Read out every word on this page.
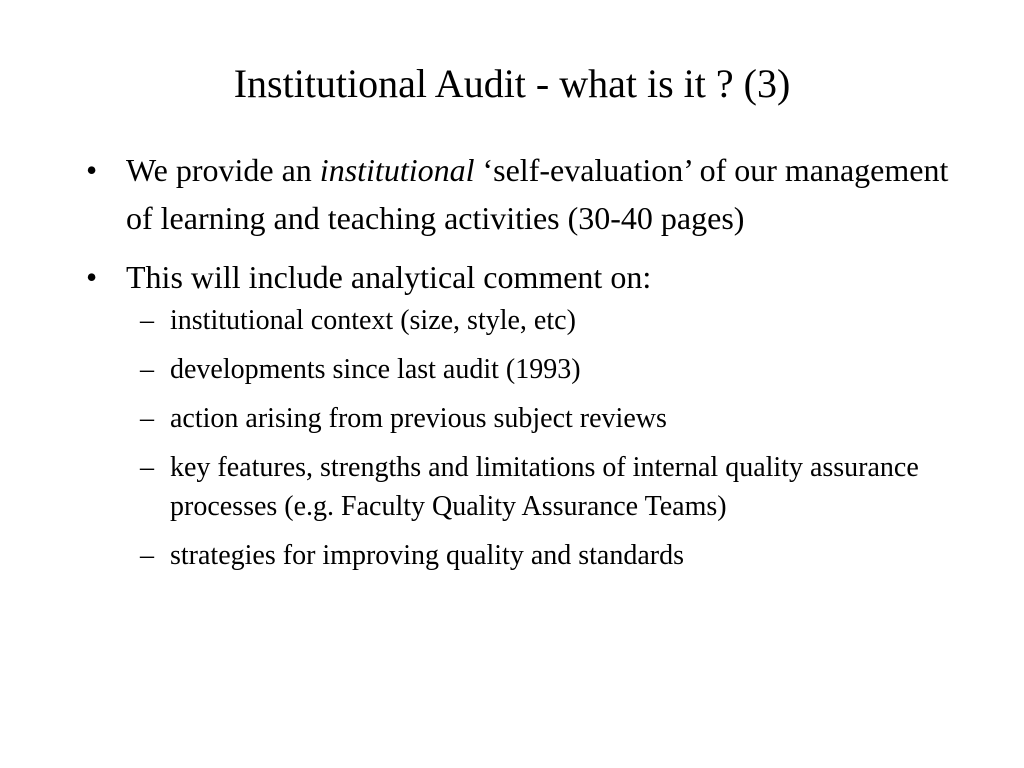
Institutional Audit - what is it ? (3)
• We provide an institutional ‘self-evaluation’ of our management of learning and teaching activities (30-40 pages)
• This will include analytical comment on:
– institutional context (size, style, etc)
– developments since last audit (1993)
– action arising from previous subject reviews
– key features, strengths and limitations of internal quality assurance processes (e.g. Faculty Quality Assurance Teams)
– strategies for improving quality and standards
